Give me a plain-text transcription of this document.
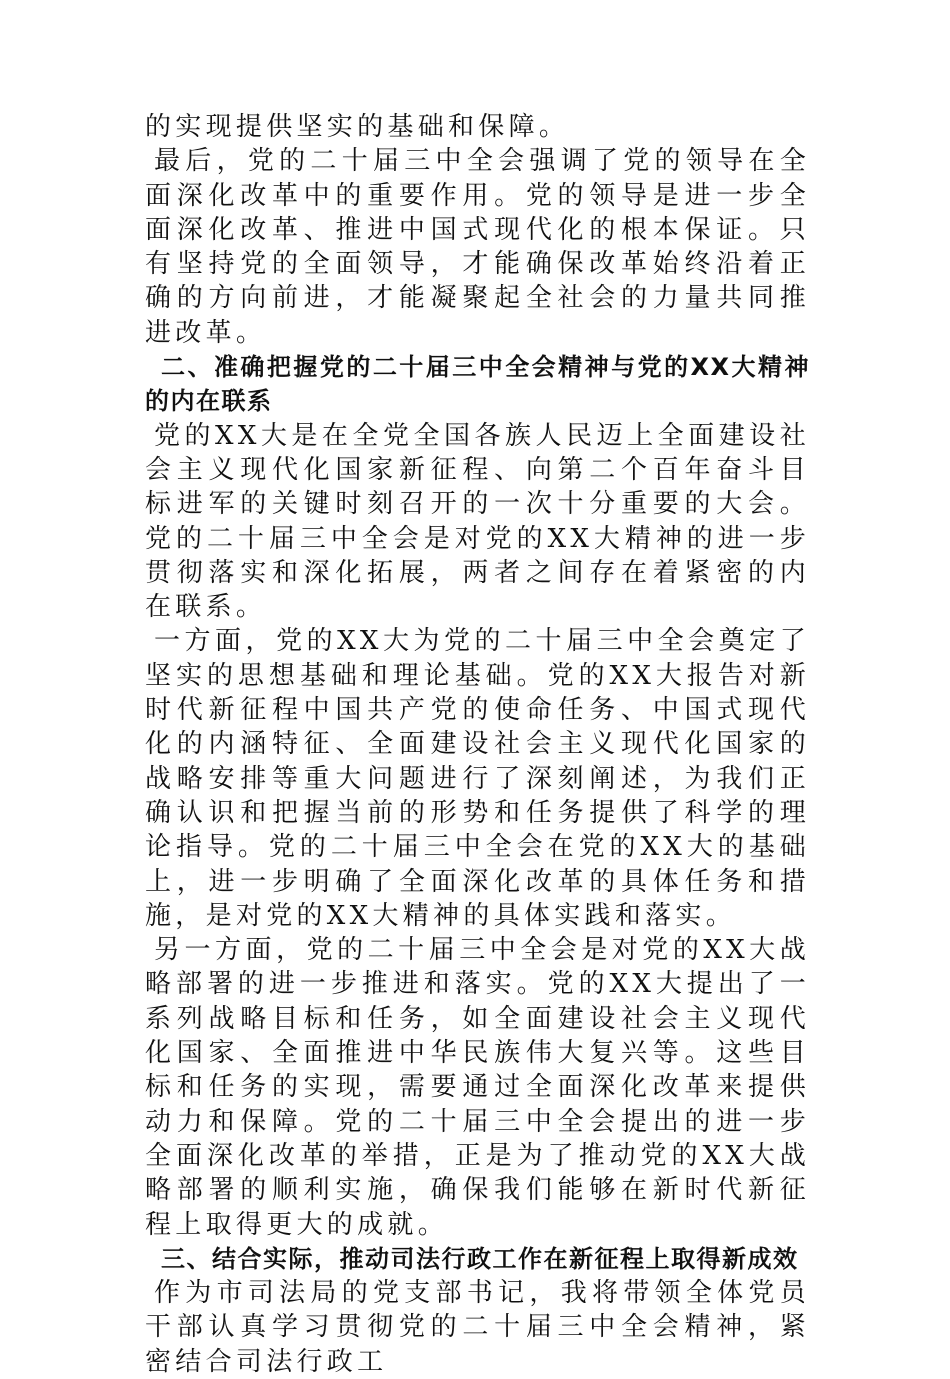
的实现提供坚实的基础和保障。

最后，党的二十届三中全会强调了党的领导在全面深化改革中的重要作用。党的领导是进一步全面深化改革、推进中国式现代化的根本保证。只有坚持党的全面领导，才能确保改革始终沿着正确的方向前进，才能凝聚起全社会的力量共同推进改革。

二、准确把握党的二十届三中全会精神与党的XX大精神的内在联系

党的XX大是在全党全国各族人民迈上全面建设社会主义现代化国家新征程、向第二个百年奋斗目标进军的关键时刻召开的一次十分重要的大会。党的二十届三中全会是对党的XX大精神的进一步贯彻落实和深化拓展，两者之间存在着紧密的内在联系。

一方面，党的XX大为党的二十届三中全会奠定了坚实的思想基础和理论基础。党的XX大报告对新时代新征程中国共产党的使命任务、中国式现代化的内涵特征、全面建设社会主义现代化国家的战略安排等重大问题进行了深刻阐述，为我们正确认识和把握当前的形势和任务提供了科学的理论指导。党的二十届三中全会在党的XX大的基础上，进一步明确了全面深化改革的具体任务和措施，是对党的XX大精神的具体实践和落实。

另一方面，党的二十届三中全会是对党的XX大战略部署的进一步推进和落实。党的XX大提出了一系列战略目标和任务，如全面建设社会主义现代化国家、全面推进中华民族伟大复兴等。这些目标和任务的实现，需要通过全面深化改革来提供动力和保障。党的二十届三中全会提出的进一步全面深化改革的举措，正是为了推动党的XX大战略部署的顺利实施，确保我们能够在新时代新征程上取得更大的成就。

三、结合实际，推动司法行政工作在新征程上取得新成效

作为市司法局的党支部书记，我将带领全体党员干部认真学习贯彻党的二十届三中全会精神，紧密结合司法行政工
